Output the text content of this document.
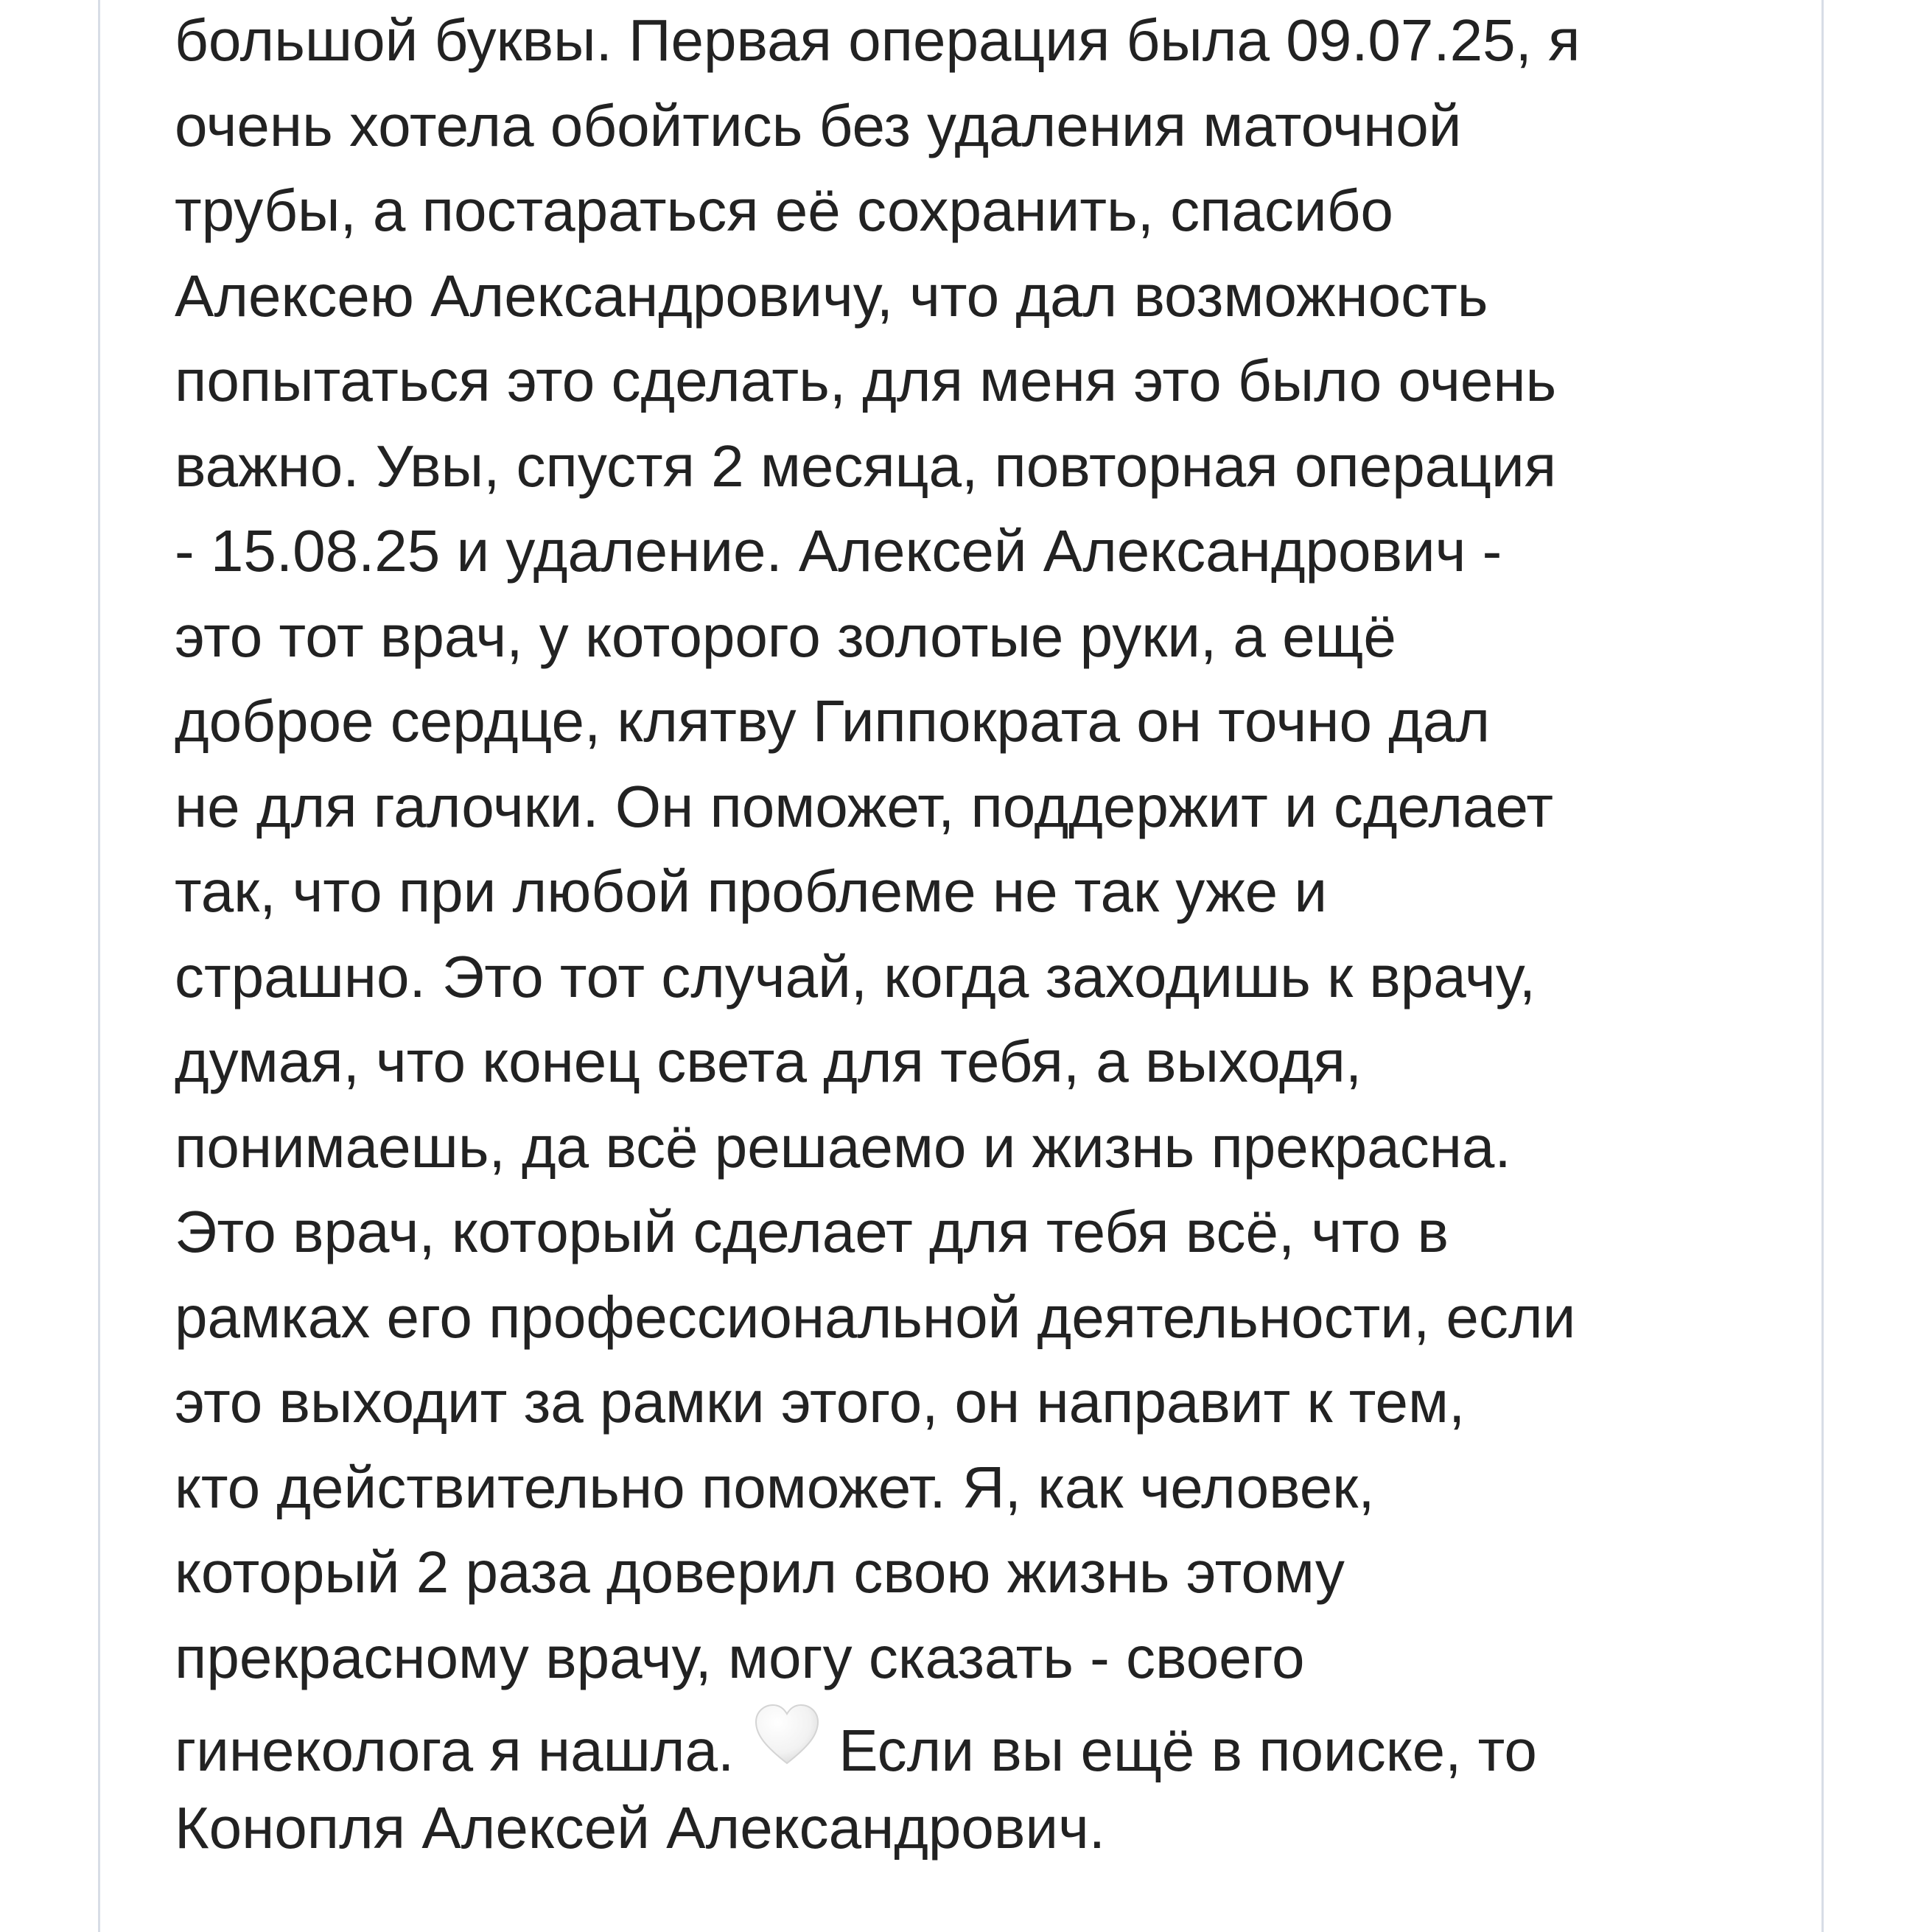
большой буквы. Первая операция была 09.07.25, я
очень хотела обойтись без удаления маточной
трубы, а постараться её сохранить, спасибо
Алексею Александровичу, что дал возможность
попытаться это сделать, для меня это было очень
важно. Увы, спустя 2 месяца, повторная операция
- 15.08.25 и удаление. Алексей Александрович -
это тот врач, у которого золотые руки, а ещё
доброе сердце, клятву Гиппократа он точно дал
не для галочки. Он поможет, поддержит и сделает
так, что при любой проблеме не так уже и
страшно. Это тот случай, когда заходишь к врачу,
думая, что конец света для тебя, а выходя,
понимаешь, да всё решаемо и жизнь прекрасна.
Это врач, который сделает для тебя всё, что в
рамках его профессиональной деятельности, если
это выходит за рамки этого, он направит к тем,
кто действительно поможет. Я, как человек,
который 2 раза доверил свою жизнь этому
прекрасному врачу, могу сказать - своего
гинеколога я нашла. Если вы ещё в поиске, то
Конопля Алексей Александрович.
